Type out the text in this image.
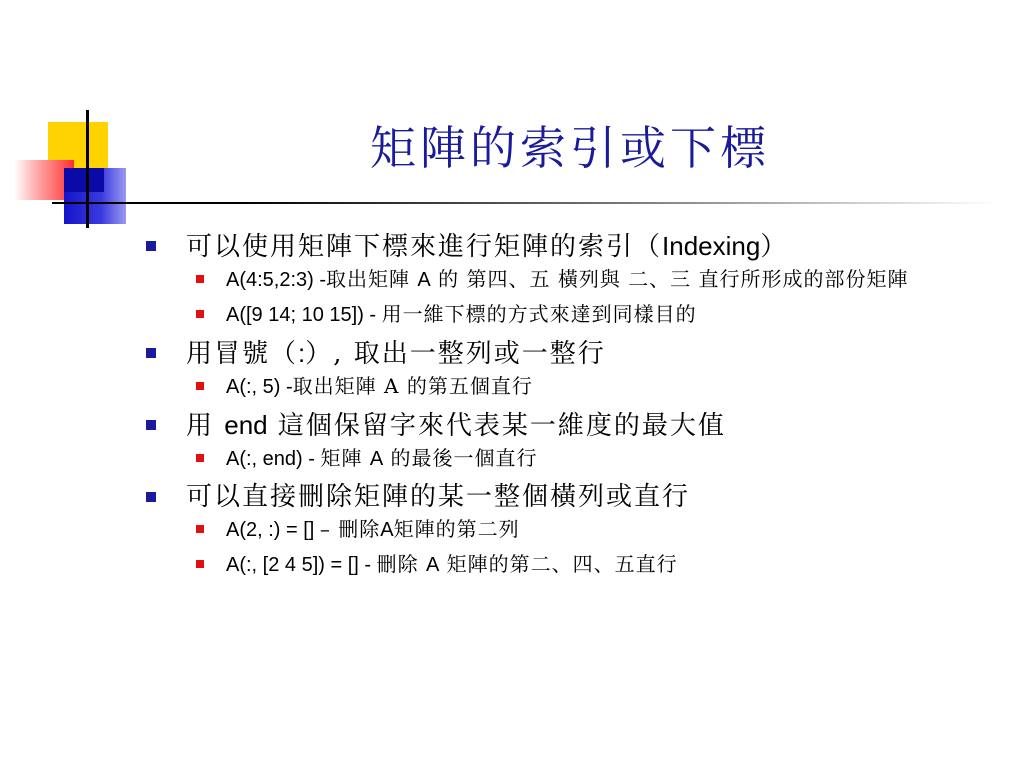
矩陣的索引或下標
可以使用矩陣下標來進行矩陣的索引（Indexing）
A(4:5,2:3) -取出矩陣 A 的 第四、五 橫列與 二、三 直行所形成的部份矩陣
A([9 14; 10 15]) - 用一維下標的方式來達到同樣目的
用冒號（:）, 取出一整列或一整行
A(:, 5) -取出矩陣 A 的第五個直行
用 end 這個保留字來代表某一維度的最大值
A(:, end) - 矩陣 A 的最後一個直行
可以直接刪除矩陣的某一整個橫列或直行
A(2, :) = [] – 刪除A矩陣的第二列
A(:, [2 4 5]) = [] - 刪除 A 矩陣的第二、四、五直行
